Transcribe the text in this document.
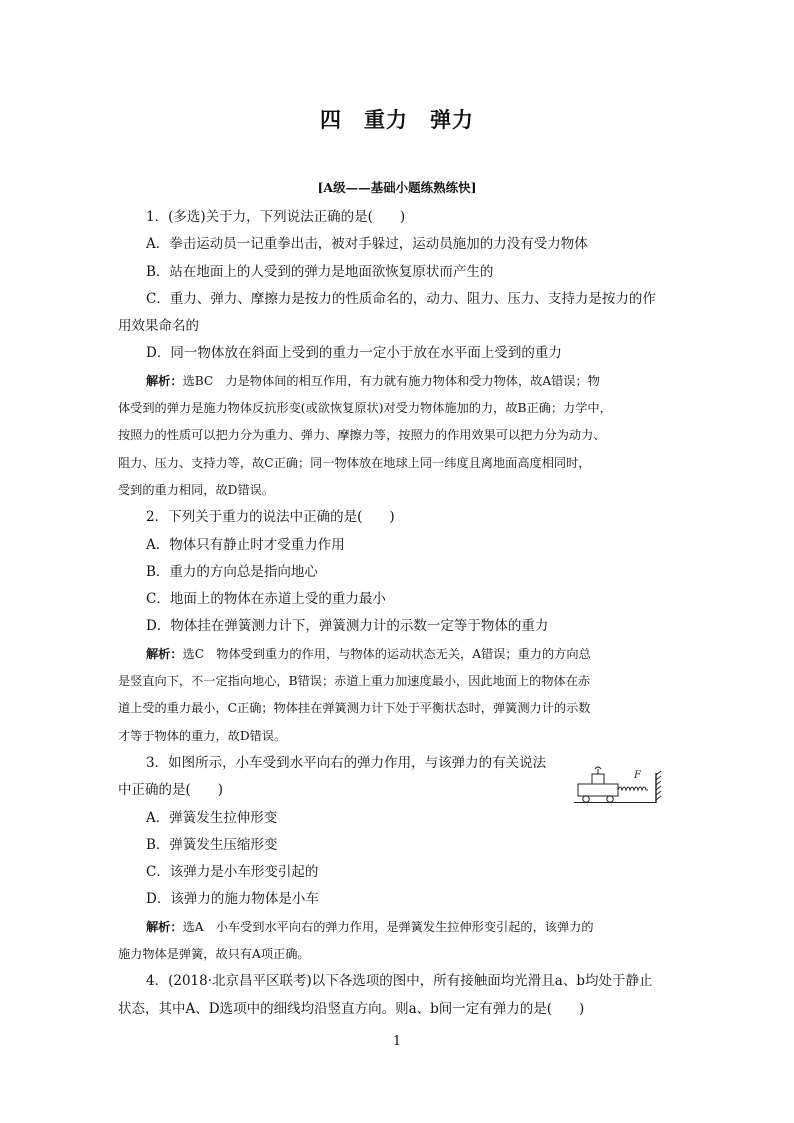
四　重力　弹力
[A级——基础小题练熟练快]
1．(多选)关于力，下列说法正确的是(　　)
A．拳击运动员一记重拳出击，被对手躲过，运动员施加的力没有受力物体
B．站在地面上的人受到的弹力是地面欲恢复原状而产生的
C．重力、弹力、摩擦力是按力的性质命名的，动力、阻力、压力、支持力是按力的作
用效果命名的
D．同一物体放在斜面上受到的重力一定小于放在水平面上受到的重力
解析：选BC　力是物体间的相互作用，有力就有施力物体和受力物体，故A错误；物
体受到的弹力是施力物体反抗形变(或欲恢复原状)对受力物体施加的力，故B正确；力学中，
按照力的性质可以把力分为重力、弹力、摩擦力等，按照力的作用效果可以把力分为动力、
阻力、压力、支持力等，故C正确；同一物体放在地球上同一纬度且离地面高度相同时，
受到的重力相同，故D错误。
2．下列关于重力的说法中正确的是(　　)
A．物体只有静止时才受重力作用
B．重力的方向总是指向地心
C．地面上的物体在赤道上受的重力最小
D．物体挂在弹簧测力计下，弹簧测力计的示数一定等于物体的重力
解析：选C　物体受到重力的作用，与物体的运动状态无关，A错误；重力的方向总
是竖直向下，不一定指向地心，B错误；赤道上重力加速度最小，因此地面上的物体在赤
道上受的重力最小，C正确；物体挂在弹簧测力计下处于平衡状态时，弹簧测力计的示数
才等于物体的重力，故D错误。
3．如图所示，小车受到水平向右的弹力作用，与该弹力的有关说法
中正确的是(　　)
A．弹簧发生拉伸形变
B．弹簧发生压缩形变
C．该弹力是小车形变引起的
D．该弹力的施力物体是小车
解析：选A　小车受到水平向右的弹力作用，是弹簧发生拉伸形变引起的，该弹力的
施力物体是弹簧，故只有A项正确。
4．(2018·北京昌平区联考)以下各选项的图中，所有接触面均光滑且a、b均处于静止
状态，其中A、D选项中的细线均沿竖直方向。则a、b间一定有弹力的是(　　)
F
1
